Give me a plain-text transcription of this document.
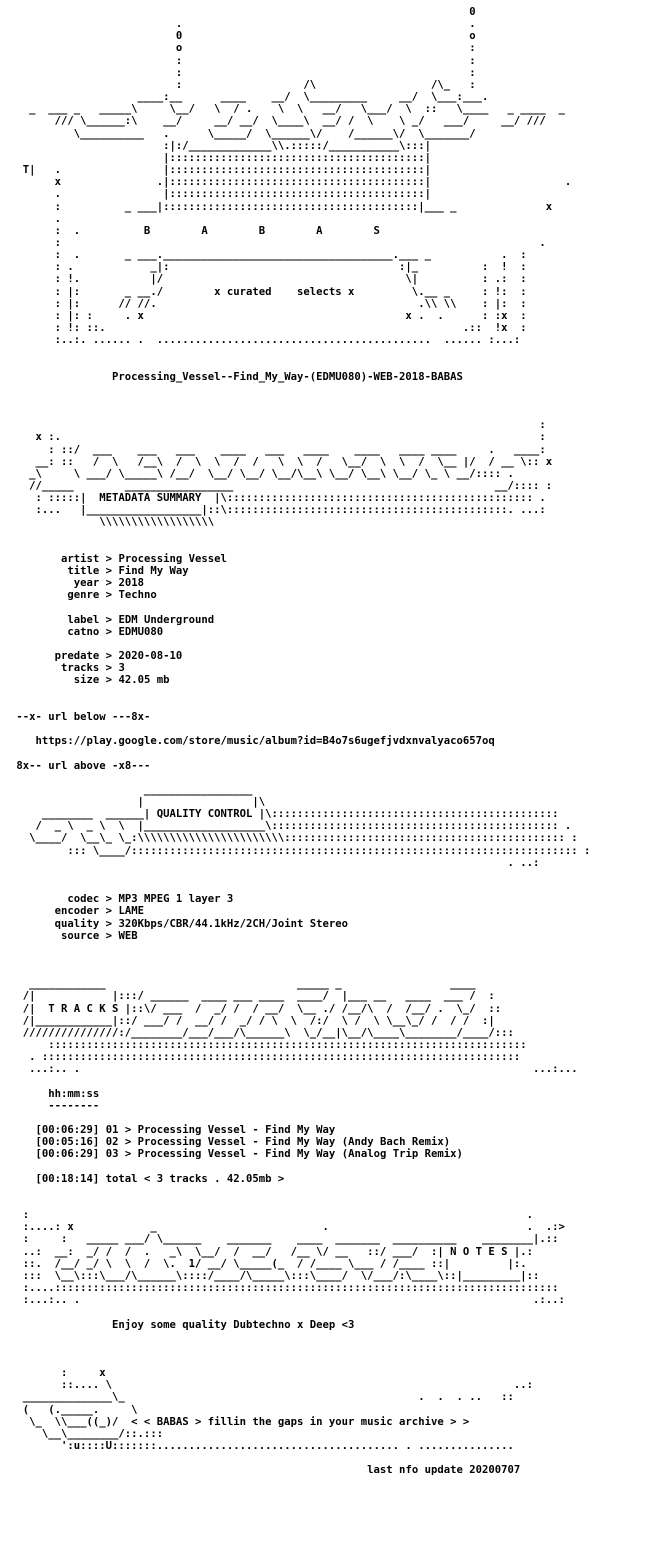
0
.                                             .
0                                             o
o                                             :
:                                             :
:                                             :
:                   /\                  /\_   :
____:__      ____    __/  \_________     __/  \___:___.
_  ___ _   _____\     \__/   \  / .    \  \   __/   \___/  \  ::   \____   _ ____  _
/// \______:\    __/     __/ __/  \____\  __/ /  \    \ _/   ___/     __/ ///
\__________   .      \_____/  \______\/    /______\/  \_______/
:|:/_____________\\.:::::/___________\:::|
|::::::::::::::::::::::::::::::::::::::::|
T|   .                |::::::::::::::::::::::::::::::::::::::::|
x               .|::::::::::::::::::::::::::::::::::::::::|                     .
.                |::::::::::::::::::::::::::::::::::::::::|
:          _ ___|::::::::::::::::::::::::::::::::::::::::|___ _              x
.
:  .          B        A        B        A        S
:                                                                           .
:  .       _ ___.____________________________________.___ _           .  :
: .            _|:                                    :|_          :  !  :
: !.           |/                                      \|          : .:  :
: |:       _ __./        x curated    selects x         \.__ _     : !:  :
: |:      // //.                                         .\\ \\    : |:  :
: |: :     . x                                         x .  .      : :x  :
: !: ::.                                                        .::  !x  :
:..:. ...... .  ...........................................  ...... :...:
Processing_Vessel--Find_My_Way-(EDMU080)-WEB-2018-BABAS
:
x :.                                                                           :
: ::/  ___    ___   ___    ____   ___   ____    ____   ____ ____     .   ____:
__: ::   /  \   /__\  /  \  \  /  /   \  \  /   \__/  \  \  /  \__ |/  / __ \:: x
_\     \ ___/ \_____\ /__/  \__/ \__/ \__/\__\ \__/ \__\ \__/ \_ \ __/:::: .
//_____        _________________                                         __/:::: :
: :::::|  METADATA SUMMARY  |\:::::::::::::::::::::::::::::::::::::::::::::::: .
:...   |__________________|::\::::::::::::::::::::::::::::::::::::::::::::. ...:
\\\\\\\\\\\\\\\\\\
artist > Processing Vessel
title > Find My Way
year > 2018
genre > Techno

label > EDM Underground
catno > EDMU080

predate > 2020-08-10
tracks > 3
size > 42.05 mb
--x- url below ---8x-
https://play.google.com/store/music/album?id=B4o7s6ugefjvdxnvalyaco657oq
8x-- url above -x8---
_________________
|                 |\
________  ______| QUALITY CONTROL |\:::::::::::::::::::::::::::::::::::::::::::::
/  _ \  _ \  \  |___________________\::::::::::::::::::::::::::::::::::::::::::::: .
\____/  \__\_ \_:\\\\\\\\\\\\\\\\\\\\\\\:::::::::::::::::::::::::::::::::::::::::::: :
::: \____/:::::::::::::::::::::::::::::::::::::::::::::::::::::::::::::::::::::: :
. ..:
codec > MP3 MPEG 1 layer 3
encoder > LAME
quality > 320Kbps/CBR/44.1kHz/2CH/Joint Stereo
source > WEB
____________                              _____ _                 ____
/|            |:::/ ______  ____ ___ ____  ____/  |___ __   ____  ___ /  :
/|  T R A C K S |::\/ ___  /  _/ /  / __/  \__ ./ /__/\  /  /__/ .  \_/  ::
/|____________|::/ ___/ /  __/ /  _/ / \  \  /:/  \ /  \ \__\_/ /  / /  :|
///////////////:/________/___/___/\______\  \_/__|\__/\____\________/____/:::
:::::::::::::::::::::::::::::::::::::::::::::::::::::::::::::::::::::::::::
. :::::::::::::::::::::::::::::::::::::::::::::::::::::::::::::::::::::::::::
...:.. .                                                                       ...:...
hh:mm:ss
--------

[00:06:29] 01 > Processing Vessel - Find My Way
[00:05:16] 02 > Processing Vessel - Find My Way (Andy Bach Remix)
[00:06:29] 03 > Processing Vessel - Find My Way (Analog Trip Remix)

[00:18:14] total < 3 tracks . 42.05mb >
:                                                                              .
:....: x            _                          .                               .  .:>
:     :   _____ ___/ \______    _______    ____  _______  __________    ________|.::
..:  __:  _/ /  /  .   _\  \__/  /  __/   /__ \/ __   ::/ ___/  :| N O T E S |.:
::.  /__/ _/ \  \  /  \.  1/ __/ \_____(_  / /____ \___ / /____ ::|         |:.
:::  \__\:::\___/\______\::::/____/\_____\:::\____/  \/___/:\____\::|_________|::
:....:::::::::::::::::::::::::::::::::::::::::::::::::::::::::::::::::::::::::::::::
:...:.. .                                                                       .:..:
Enjoy some quality Dubtechno x Deep <3
:     x
::.... \                                                               ..:
______________\_                                              .  .  . ..   ::
(   (._____.     \
\_  \\___((_)/  < < BABAS > fillin the gaps in your music archive > >
\__\________/::.:::
':u::::U:::::::...................................... . ...............
last nfo update 20200707
